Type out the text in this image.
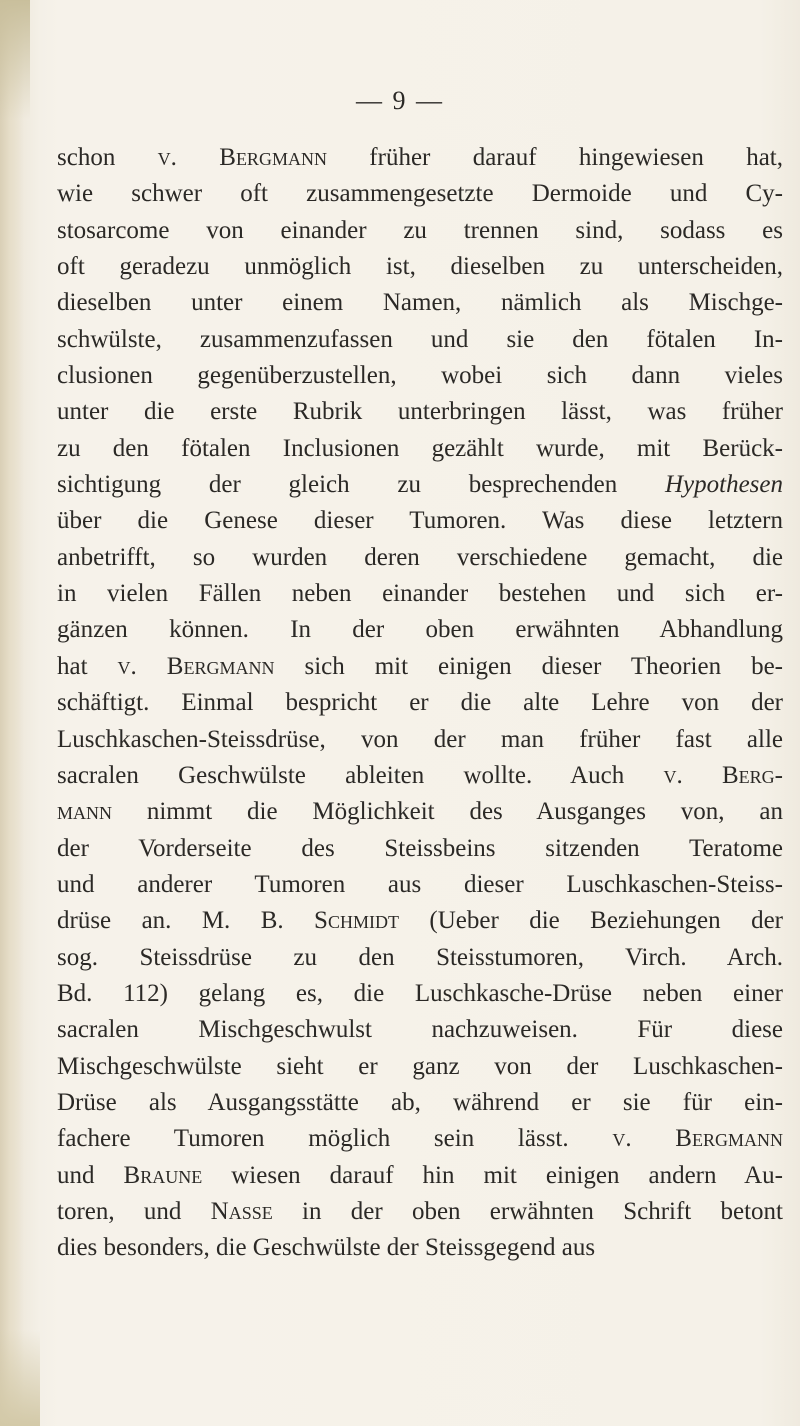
— 9 —
schon v. Bergmann früher darauf hingewiesen hat,
wie schwer oft zusammengesetzte Dermoide und Cy-
stosarcome von einander zu trennen sind, sodass es
oft geradezu unmöglich ist, dieselben zu unterscheiden,
dieselben unter einem Namen, nämlich als Mischge-
schwülste, zusammenzufassen und sie den fötalen In-
clusionen gegenüberzustellen, wobei sich dann vieles
unter die erste Rubrik unterbringen lässt, was früher
zu den fötalen Inclusionen gezählt wurde, mit Berück-
sichtigung der gleich zu besprechenden Hypothesen
über die Genese dieser Tumoren. Was diese letztern
anbetrifft, so wurden deren verschiedene gemacht, die
in vielen Fällen neben einander bestehen und sich er-
gänzen können. In der oben erwähnten Abhandlung
hat v. Bergmann sich mit einigen dieser Theorien be-
schäftigt. Einmal bespricht er die alte Lehre von der
Luschkaschen-Steissdrüse, von der man früher fast alle
sacralen Geschwülste ableiten wollte. Auch v. Berg-
mann nimmt die Möglichkeit des Ausganges von, an
der Vorderseite des Steissbeins sitzenden Teratome
und anderer Tumoren aus dieser Luschkaschen-Steiss-
drüse an. M. B. Schmidt (Ueber die Beziehungen der
sog. Steissdrüse zu den Steisstumoren, Virch. Arch.
Bd. 112) gelang es, die Luschkasche-Drüse neben einer
sacralen Mischgeschwulst nachzuweisen. Für diese
Mischgeschwülste sieht er ganz von der Luschkaschen-
Drüse als Ausgangsstätte ab, während er sie für ein-
fachere Tumoren möglich sein lässt. v. Bergmann
und Braune wiesen darauf hin mit einigen andern Au-
toren, und Nasse in der oben erwähnten Schrift betont
dies besonders, die Geschwülste der Steissgegend aus
